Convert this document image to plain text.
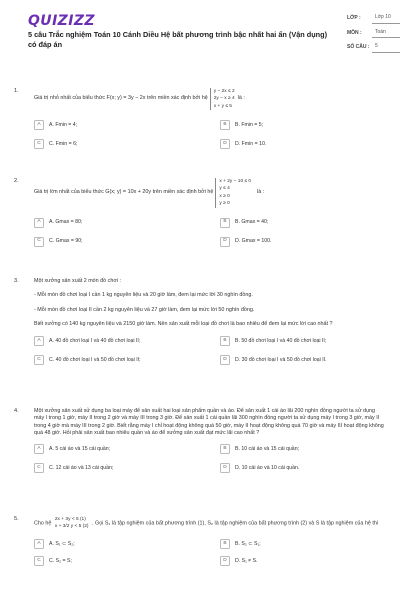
QUIZIZZ
5 câu Trắc nghiệm Toán 10 Cánh Diều Hệ bất phương trình bậc nhất hai ẩn (Vận dụng) có đáp án
LỚP :	Lớp 10
MÔN :	Toán
SỐ CÂU :	5
1.
Giá trị nhỏ nhất của biểu thức F(x; y) = 3y − 2x trên miền xác định bởi hệ
y − 2x ≤ 2
2y − x ≥ 4
x + y ≤ 5
là :
A	A. Fmin = 4;	B	B. Fmin = 5;
C	C. Fmin = 6;	D	D. Fmin = 10.
2.
Giá trị lớn nhất của biểu thức G(x; y) = 10x + 20y trên miền xác định bởi hệ
x + 2y − 10 ≤ 0
y ≤ 4
x ≥ 0
y ≥ 0
là :
A	A. Gmax = 80;	B	B. Gmax = 40;
C	C. Gmax = 90;	D	D. Gmax = 100.
3.	Một xưởng sản xuất 2 món đồ chơi :

- Mỗi món đồ chơi loại I cần 1 kg nguyên liệu và 20 giờ làm, đem lại mức lời 30 nghìn đồng.

- Mỗi món đồ chơi loại II cần 2 kg nguyên liệu và 27 giờ làm, đem lại mức lời 50 nghìn đồng.

Biết xưởng có 140 kg nguyên liệu và 2150 giờ làm. Nên sản xuất mỗi loại đồ chơi là bao nhiêu để đem lại mức lời cao nhất ?

A	A. 40 đồ chơi loại I và 40 đồ chơi loại II;	B	B. 50 đồ chơi loại I và 40 đồ chơi loại II;
C	C. 40 đồ chơi loại I và 50 đồ chơi loại II;	D	D. 30 đồ chơi loại I và 50 đồ chơi loại II.
4.	Một xưởng sản xuất sử dụng ba loại máy để sản xuất hai loại sản phẩm quần và áo. Để sản xuất 1 cái áo lãi 200 nghìn đồng người ta sử dụng máy I trong 1 giờ, máy II trong 2 giờ và máy III trong 3 giờ. Để sản xuất 1 cái quần lãi 300 nghìn đồng người ta sử dụng máy I trong 3 giờ, máy II trong 4 giờ mà máy III trong 2 giờ. Biết rằng máy I chỉ hoạt động không quá 50 giờ, máy II hoạt động không quá 70 giờ và máy III hoạt động không quá 48 giờ. Hỏi phải sản xuất bao nhiêu quần và áo để xưởng sản xuất đạt mức lãi cao nhất ?

A	A. 5 cái áo và 15 cái quần;	B	B. 10 cái áo và 15 cái quần;
C	C. 12 cái áo và 13 cái quần;	D	D. 10 cái áo và 10 cái quần.
5.
Cho hệ
2x + 3y < 5 (1)
x + 3/2 y < 5 (2)
. Gọi S₁ là tập nghiệm của bất phương trình (1), S₂ là tập nghiệm của bất phương trình (2) và S là tập nghiệm của hệ thì
A	A. S₁ ⊂ S₂;	B	B. S₂ ⊂ S₁;
C	C. S₂ = S;	D	D. S₁ ≠ S.
